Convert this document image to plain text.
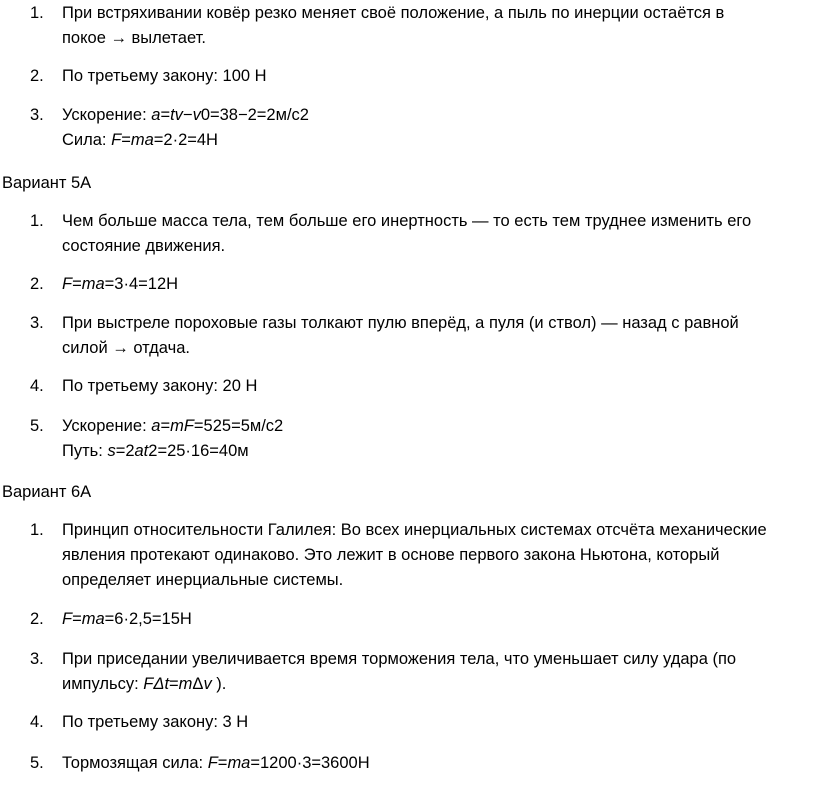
1.	При встряхивании ковёр резко меняет своё положение, а пыль по инерции остаётся в
покое → вылетает.
2.	По третьему закону: 100 Н
3.	Ускорение: a=tv−v0=38−2=2м/с2
Сила: F=ma=2·2=4Н
Вариант 5А
1.	Чем больше масса тела, тем больше его инертность — то есть тем труднее изменить его
состояние движения.
2.	F=ma=3·4=12Н
3.	При выстреле пороховые газы толкают пулю вперёд, а пуля (и ствол) — назад с равной
силой → отдача.
4.	По третьему закону: 20 Н
5.	Ускорение: a=mF=525=5м/с2
Путь: s=2at2=25·16=40м
Вариант 6А
1.	Принцип относительности Галилея: Во всех инерциальных системах отсчёта механические
явления протекают одинаково. Это лежит в основе первого закона Ньютона, который
определяет инерциальные системы.
2.	F=ma=6·2,5=15Н
3.	При приседании увеличивается время торможения тела, что уменьшает силу удара (по
импульсу: FΔt=mΔv ).
4.	По третьему закону: 3 Н
5.	Тормозящая сила: F=ma=1200·3=3600Н
